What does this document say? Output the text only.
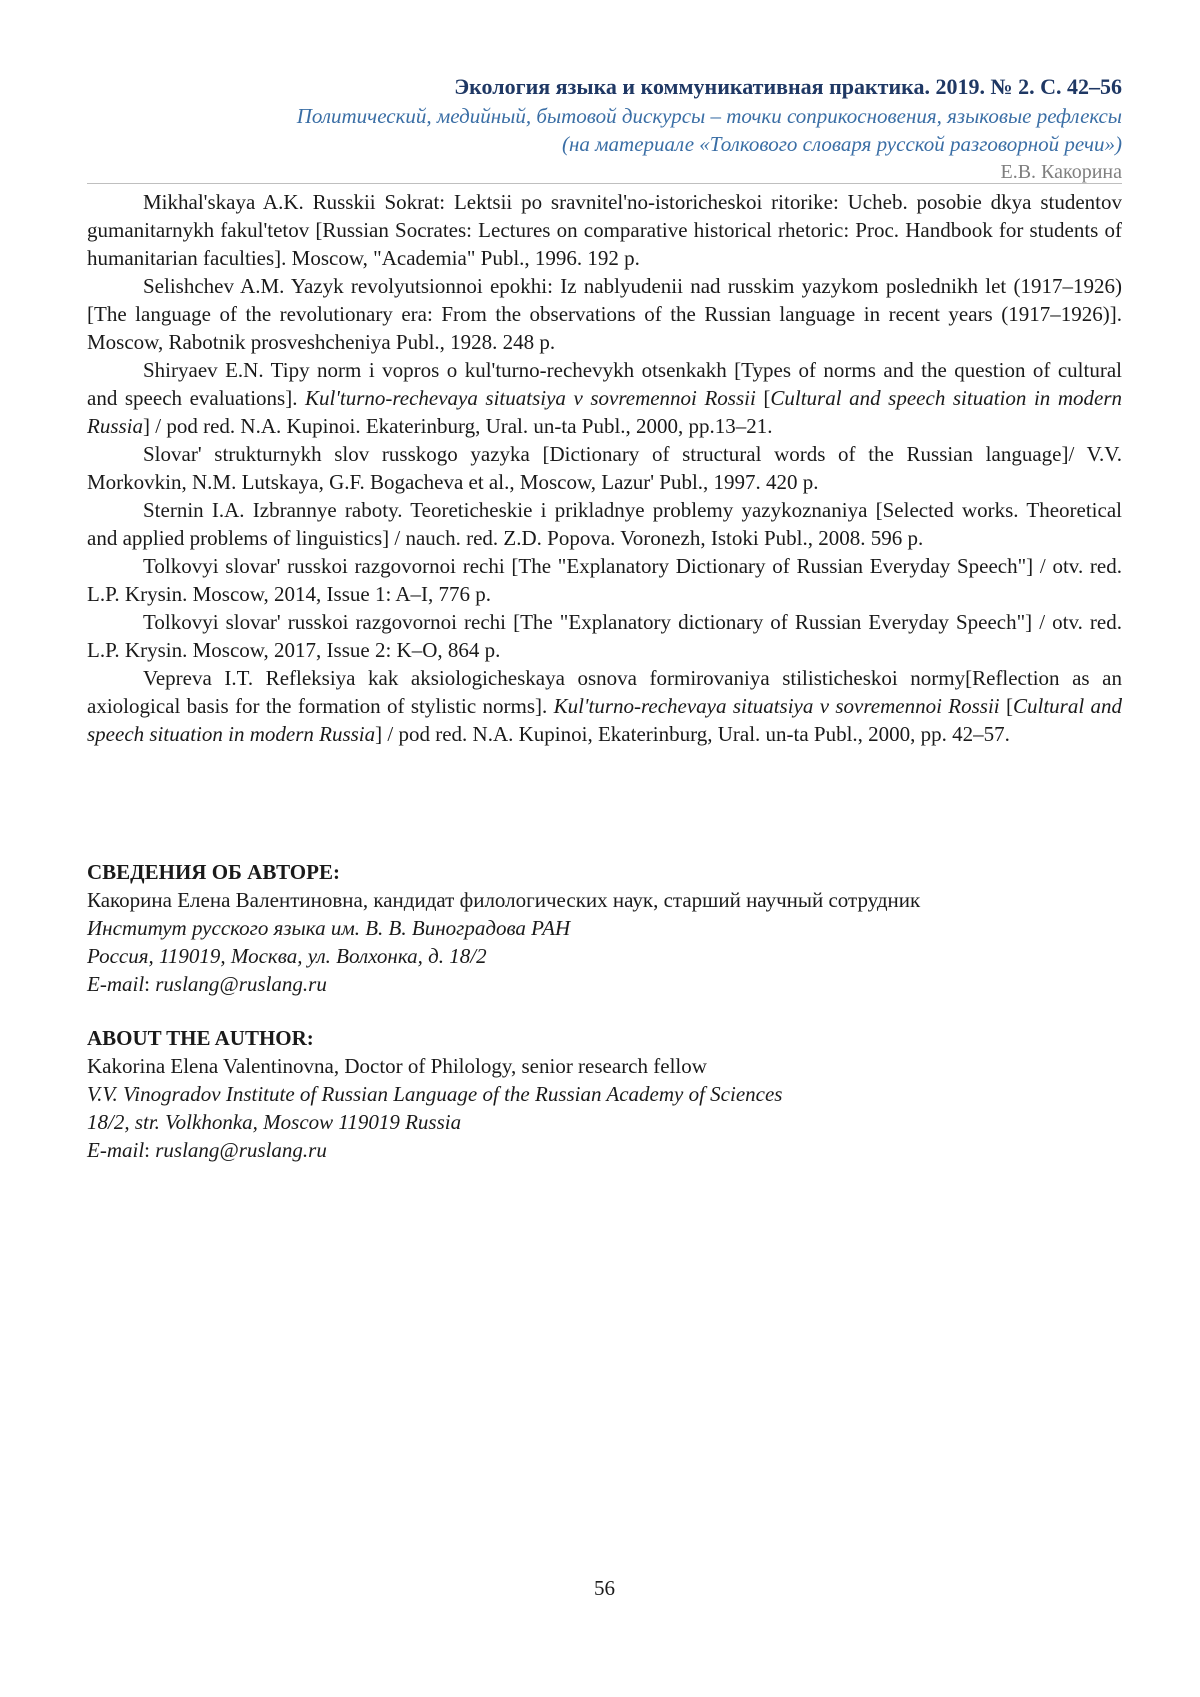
Экология языка и коммуникативная практика. 2019. № 2. С. 42–56
Политический, медийный, бытовой дискурсы – точки соприкосновения, языковые рефлексы
(на материале «Толкового словаря русской разговорной речи»)
Е.В. Какорина

Mikhal'skaya A.K. Russkii Sokrat: Lektsii po sravnitel'no-istoricheskoi ritorike: Ucheb. posobie dkya studentov gumanitarnykh fakul'tetov [Russian Socrates: Lectures on comparative historical rhetoric: Proc. Handbook for students of humanitarian faculties]. Moscow, "Academia" Publ., 1996. 192 p.

Selishchev A.M. Yazyk revolyutsionnoi epokhi: Iz nablyudenii nad russkim yazykom poslednikh let (1917–1926) [The language of the revolutionary era: From the observations of the Russian language in recent years (1917–1926)]. Moscow, Rabotnik prosveshcheniya Publ., 1928. 248 p.

Shiryaev E.N. Tipy norm i vopros o kul'turno-rechevykh otsenkakh [Types of norms and the question of cultural and speech evaluations]. Kul'turno-rechevaya situatsiya v sovremennoi Rossii [Cultural and speech situation in modern Russia] / pod red. N.A. Kupinoi. Ekaterinburg, Ural. un-ta Publ., 2000, pp.13–21.

Slovar' strukturnykh slov russkogo yazyka [Dictionary of structural words of the Russian language]/ V.V. Morkovkin, N.M. Lutskaya, G.F. Bogacheva et al., Moscow, Lazur' Publ., 1997. 420 p.

Sternin I.A. Izbrannye raboty. Teoreticheskie i prikladnye problemy yazykoznaniya [Selected works. Theoretical and applied problems of linguistics] / nauch. red. Z.D. Popova. Voronezh, Istoki Publ., 2008. 596 p.

Tolkovyi slovar' russkoi razgovornoi rechi [The "Explanatory Dictionary of Russian Everyday Speech"] / otv. red. L.P. Krysin. Moscow, 2014, Issue 1: A–I, 776 p.

Tolkovyi slovar' russkoi razgovornoi rechi [The "Explanatory dictionary of Russian Everyday Speech"] / otv. red. L.P. Krysin. Moscow, 2017, Issue 2: K–O, 864 p.

Vepreva I.T. Refleksiya kak aksiologicheskaya osnova formirovaniya stilisticheskoi normy[Reflection as an axiological basis for the formation of stylistic norms]. Kul'turno-rechevaya situatsiya v sovremennoi Rossii [Cultural and speech situation in modern Russia] / pod red. N.A. Kupinoi, Ekaterinburg, Ural. un-ta Publ., 2000, pp. 42–57.

СВЕДЕНИЯ ОБ АВТОРЕ:

Какорина Елена Валентиновна, кандидат филологических наук, старший научный сотрудник

Институт русского языка им. В. В. Виноградова РАН

Россия, 119019, Москва, ул. Волхонка, д. 18/2

E-mail: ruslang@ruslang.ru

ABOUT THE AUTHOR:

Kakorina Elena Valentinovna, Doctor of Philology, senior research fellow

V.V. Vinogradov Institute of Russian Language of the Russian Academy of Sciences

18/2, str. Volkhonka, Moscow 119019 Russia

E-mail: ruslang@ruslang.ru

56
